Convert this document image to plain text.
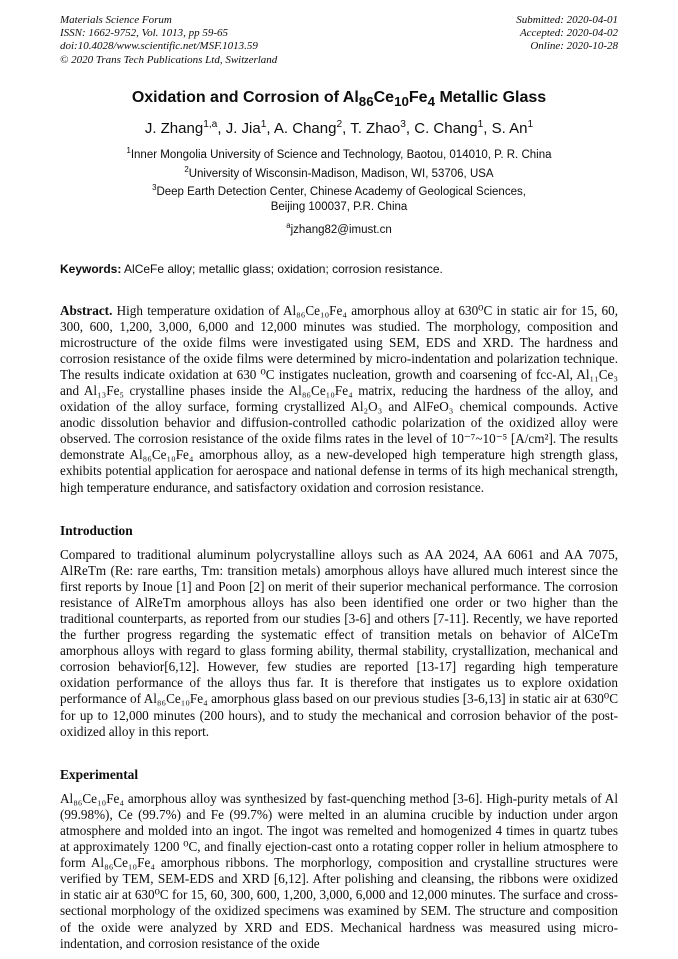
Materials Science Forum
ISSN: 1662-9752, Vol. 1013, pp 59-65
doi:10.4028/www.scientific.net/MSF.1013.59
© 2020 Trans Tech Publications Ltd, Switzerland
Submitted: 2020-04-01
Accepted: 2020-04-02
Online: 2020-10-28
Oxidation and Corrosion of $Al_{86}Ce_{10}Fe_4$ Metallic Glass
J. Zhang$^{1,a}$, J. Jia$^1$, A. Chang$^2$, T. Zhao$^3$, C. Chang$^1$, S. An$^1$
$^1$Inner Mongolia University of Science and Technology, Baotou, 014010, P. R. China
$^2$University of Wisconsin-Madison, Madison, WI, 53706, USA
$^3$Deep Earth Detection Center, Chinese Academy of Geological Sciences,
Beijing 100037, P.R. China
$^a$jzhang82@imust.cn

Keywords: AlCeFe alloy; metallic glass; oxidation; corrosion resistance.

Abstract. High temperature oxidation of Al₈₆Ce₁₀Fe₄ amorphous alloy at 630⁰C in static air for 15, 60, 300, 600, 1,200, 3,000, 6,000 and 12,000 minutes was studied. The morphology, composition and microstructure of the oxide films were investigated using SEM, EDS and XRD. The hardness and corrosion resistance of the oxide films were determined by micro-indentation and polarization technique. The results indicate oxidation at 630 ⁰C instigates nucleation, growth and coarsening of fcc-Al, Al₁₁Ce₃ and Al₁₃Fe₅ crystalline phases inside the Al₈₆Ce₁₀Fe₄ matrix, reducing the hardness of the alloy, and oxidation of the alloy surface, forming crystallized Al₂O₃ and AlFeO₃ chemical compounds. Active anodic dissolution behavior and diffusion-controlled cathodic polarization of the oxidized alloy were observed. The corrosion resistance of the oxide films rates in the level of 10⁻⁷~10⁻⁵ [A/cm²]. The results demonstrate Al₈₆Ce₁₀Fe₄ amorphous alloy, as a new-developed high temperature high strength glass, exhibits potential application for aerospace and national defense in terms of its high mechanical strength, high temperature endurance, and satisfactory oxidation and corrosion resistance.

Introduction

Compared to traditional aluminum polycrystalline alloys such as AA 2024, AA 6061 and AA 7075, AlReTm (Re: rare earths, Tm: transition metals) amorphous alloys have allured much interest since the first reports by Inoue [1] and Poon [2] on merit of their superior mechanical performance. The corrosion resistance of AlReTm amorphous alloys has also been identified one order or two higher than the traditional counterparts, as reported from our studies [3-6] and others [7-11]. Recently, we have reported the further progress regarding the systematic effect of transition metals on behavior of AlCeTm amorphous alloys with regard to glass forming ability, thermal stability, crystallization, mechanical and corrosion behavior[6,12]. However, few studies are reported [13-17] regarding high temperature oxidation performance of the alloys thus far. It is therefore that instigates us to explore oxidation performance of Al₈₆Ce₁₀Fe₄ amorphous glass based on our previous studies [3-6,13] in static air at 630⁰C for up to 12,000 minutes (200 hours), and to study the mechanical and corrosion behavior of the post-oxidized alloy in this report.

Experimental

Al₈₆Ce₁₀Fe₄ amorphous alloy was synthesized by fast-quenching method [3-6]. High-purity metals of Al (99.98%), Ce (99.7%) and Fe (99.7%) were melted in an alumina crucible by induction under argon atmosphere and molded into an ingot. The ingot was remelted and homogenized 4 times in quartz tubes at approximately 1200 ⁰C, and finally ejection-cast onto a rotating copper roller in helium atmosphere to form Al₈₆Ce₁₀Fe₄ amorphous ribbons. The morphorlogy, composition and crystalline structures were verified by TEM, SEM-EDS and XRD [6,12]. After polishing and cleansing, the ribbons were oxidized in static air at 630⁰C for 15, 60, 300, 600, 1,200, 3,000, 6,000 and 12,000 minutes. The surface and cross-sectional morphology of the oxidized specimens was examined by SEM. The structure and composition of the oxide were analyzed by XRD and EDS. Mechanical hardness was measured using micro-indentation, and corrosion resistance of the oxide
